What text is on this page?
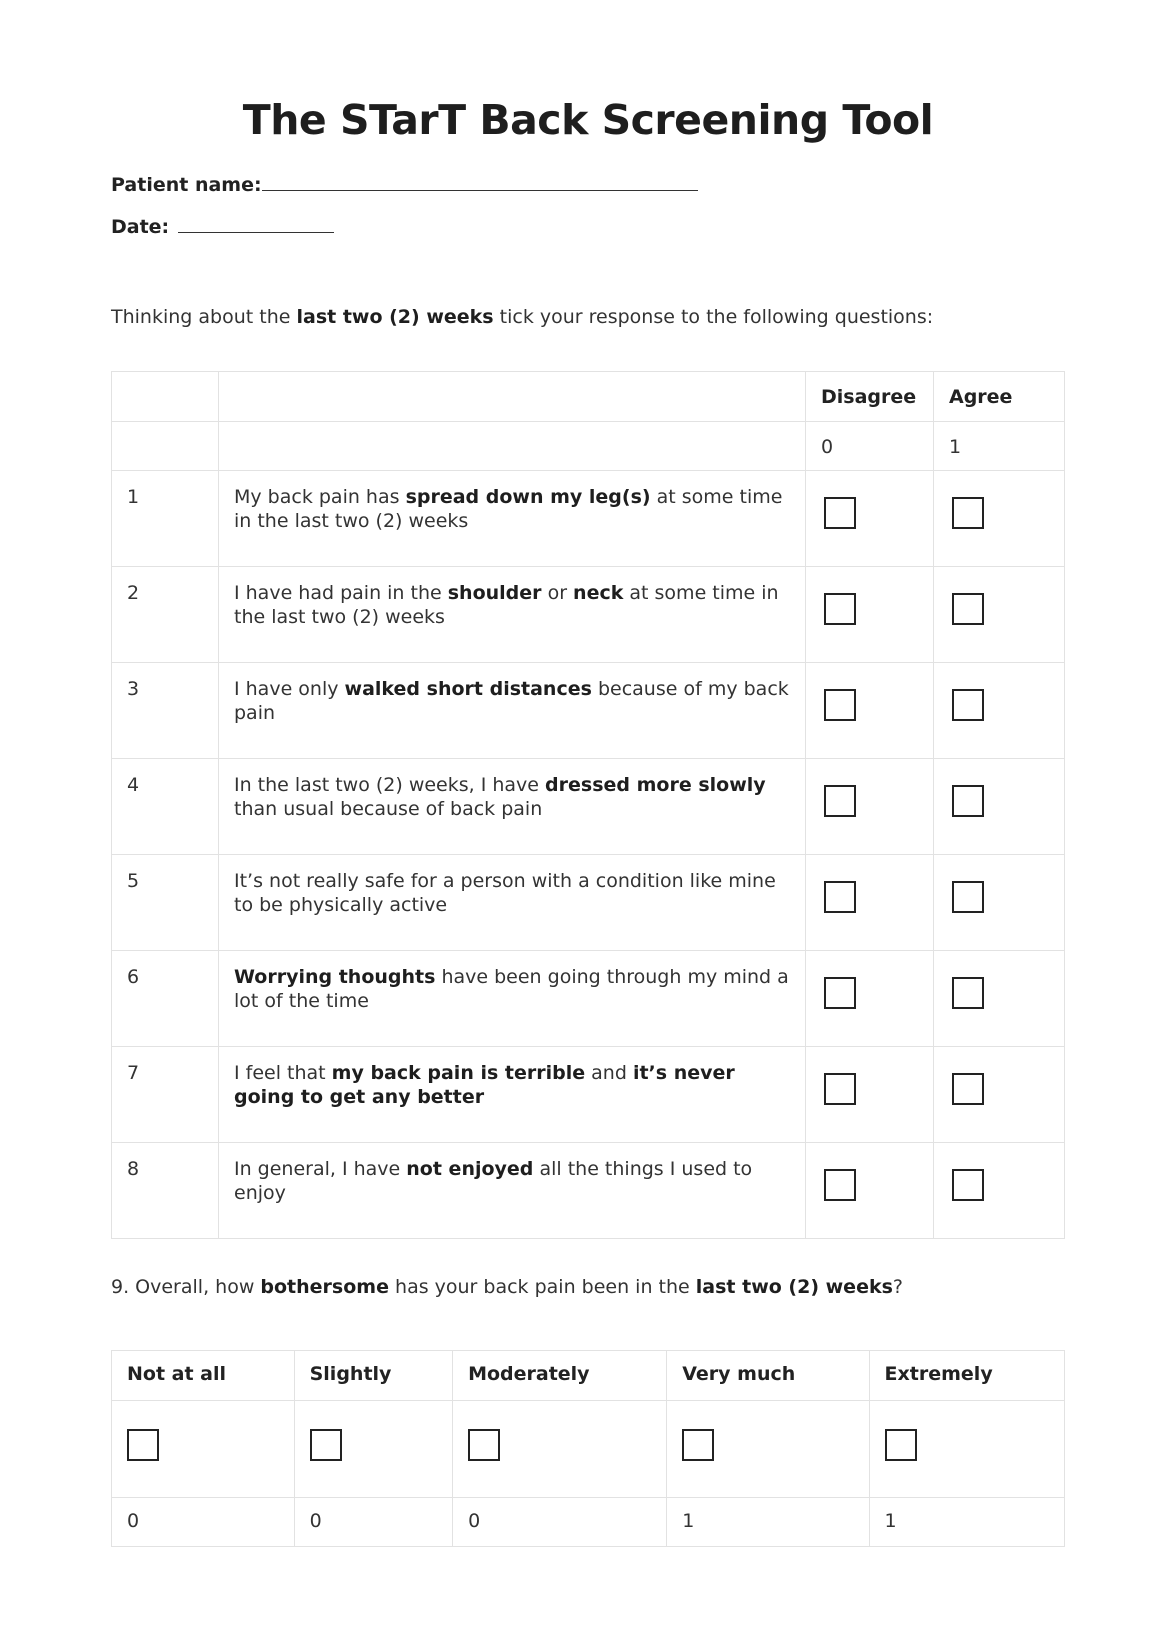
The STarT Back Screening Tool
Patient name:
Date:
Thinking about the last two (2) weeks tick your response to the following questions:
		Disagree	Agree
		0	1
1	My back pain has spread down my leg(s) at some time in the last two (2) weeks		
2	I have had pain in the shoulder or neck at some time in the last two (2) weeks		
3	I have only walked short distances because of my back pain		
4	In the last two (2) weeks, I have dressed more slowly than usual because of back pain		
5	It’s not really safe for a person with a condition like mine to be physically active		
6	Worrying thoughts have been going through my mind a lot of the time		
7	I feel that my back pain is terrible and it’s never going to get any better		
8	In general, I have not enjoyed all the things I used to enjoy		
9. Overall, how bothersome has your back pain been in the last two (2) weeks?
Not at all	Slightly	Moderately	Very much	Extremely

0	0	0	1	1
